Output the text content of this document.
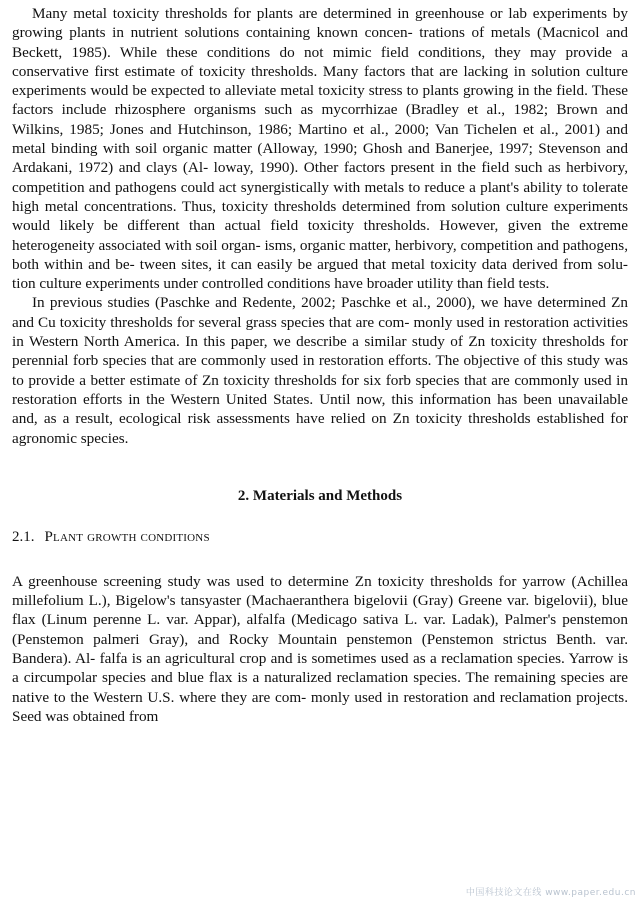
Many metal toxicity thresholds for plants are determined in greenhouse or lab experiments by growing plants in nutrient solutions containing known concen- trations of metals (Macnicol and Beckett, 1985). While these conditions do not mimic field conditions, they may provide a conservative first estimate of toxicity thresholds. Many factors that are lacking in solution culture experiments would be expected to alleviate metal toxicity stress to plants growing in the field. These factors include rhizosphere organisms such as mycorrhizae (Bradley et al., 1982; Brown and Wilkins, 1985; Jones and Hutchinson, 1986; Martino et al., 2000; Van Tichelen et al., 2001) and metal binding with soil organic matter (Alloway, 1990; Ghosh and Banerjee, 1997; Stevenson and Ardakani, 1972) and clays (Al- loway, 1990). Other factors present in the field such as herbivory, competition and pathogens could act synergistically with metals to reduce a plant's ability to tolerate high metal concentrations. Thus, toxicity thresholds determined from solution culture experiments would likely be different than actual field toxicity thresholds. However, given the extreme heterogeneity associated with soil organ- isms, organic matter, herbivory, competition and pathogens, both within and be- tween sites, it can easily be argued that metal toxicity data derived from solu- tion culture experiments under controlled conditions have broader utility than field tests.

In previous studies (Paschke and Redente, 2002; Paschke et al., 2000), we have determined Zn and Cu toxicity thresholds for several grass species that are com- monly used in restoration activities in Western North America. In this paper, we describe a similar study of Zn toxicity thresholds for perennial forb species that are commonly used in restoration efforts. The objective of this study was to provide a better estimate of Zn toxicity thresholds for six forb species that are commonly used in restoration efforts in the Western United States. Until now, this information has been unavailable and, as a result, ecological risk assessments have relied on Zn toxicity thresholds established for agronomic species.

2. Materials and Methods
2.1. Plant growth conditions

A greenhouse screening study was used to determine Zn toxicity thresholds for yarrow (Achillea millefolium L.), Bigelow's tansyaster (Machaeranthera bigelovii (Gray) Greene var. bigelovii), blue flax (Linum perenne L. var. Appar), alfalfa (Medicago sativa L. var. Ladak), Palmer's penstemon (Penstemon palmeri Gray), and Rocky Mountain penstemon (Penstemon strictus Benth. var. Bandera). Al- falfa is an agricultural crop and is sometimes used as a reclamation species. Yarrow is a circumpolar species and blue flax is a naturalized reclamation species. The remaining species are native to the Western U.S. where they are com- monly used in restoration and reclamation projects. Seed was obtained from

中国科技论文在线 www.paper.edu.cn
